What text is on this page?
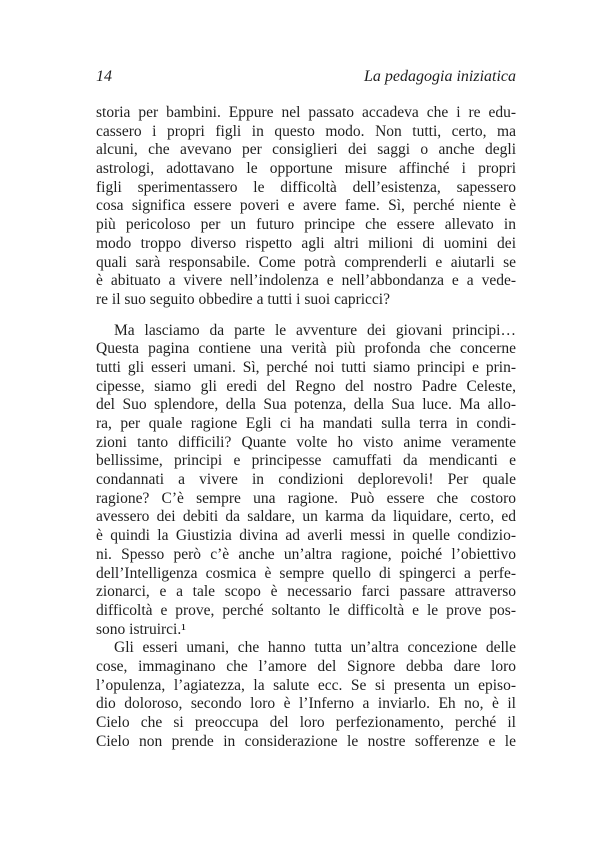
14	La pedagogia iniziatica
storia per bambini. Eppure nel passato accadeva che i re edu-
cassero i propri figli in questo modo. Non tutti, certo, ma
alcuni, che avevano per consiglieri dei saggi o anche degli
astrologi, adottavano le opportune misure affinché i propri
figli sperimentassero le difficoltà dell’esistenza, sapessero
cosa significa essere poveri e avere fame. Sì, perché niente è
più pericoloso per un futuro principe che essere allevato in
modo troppo diverso rispetto agli altri milioni di uomini dei
quali sarà responsabile. Come potrà comprenderli e aiutarli se
è abituato a vivere nell’indolenza e nell’abbondanza e a vede-
re il suo seguito obbedire a tutti i suoi capricci?
Ma lasciamo da parte le avventure dei giovani principi…
Questa pagina contiene una verità più profonda che concerne
tutti gli esseri umani. Sì, perché noi tutti siamo principi e prin-
cipesse, siamo gli eredi del Regno del nostro Padre Celeste,
del Suo splendore, della Sua potenza, della Sua luce. Ma allo-
ra, per quale ragione Egli ci ha mandati sulla terra in condi-
zioni tanto difficili? Quante volte ho visto anime veramente
bellissime, principi e principesse camuffati da mendicanti e
condannati a vivere in condizioni deplorevoli! Per quale
ragione? C’è sempre una ragione. Può essere che costoro
avessero dei debiti da saldare, un karma da liquidare, certo, ed
è quindi la Giustizia divina ad averli messi in quelle condizio-
ni. Spesso però c’è anche un’altra ragione, poiché l’obiettivo
dell’Intelligenza cosmica è sempre quello di spingerci a perfe-
zionarci, e a tale scopo è necessario farci passare attraverso
difficoltà e prove, perché soltanto le difficoltà e le prove pos-
sono istruirci.¹
Gli esseri umani, che hanno tutta un’altra concezione delle
cose, immaginano che l’amore del Signore debba dare loro
l’opulenza, l’agiatezza, la salute ecc. Se si presenta un episo-
dio doloroso, secondo loro è l’Inferno a inviarlo. Eh no, è il
Cielo che si preoccupa del loro perfezionamento, perché il
Cielo non prende in considerazione le nostre sofferenze e le
